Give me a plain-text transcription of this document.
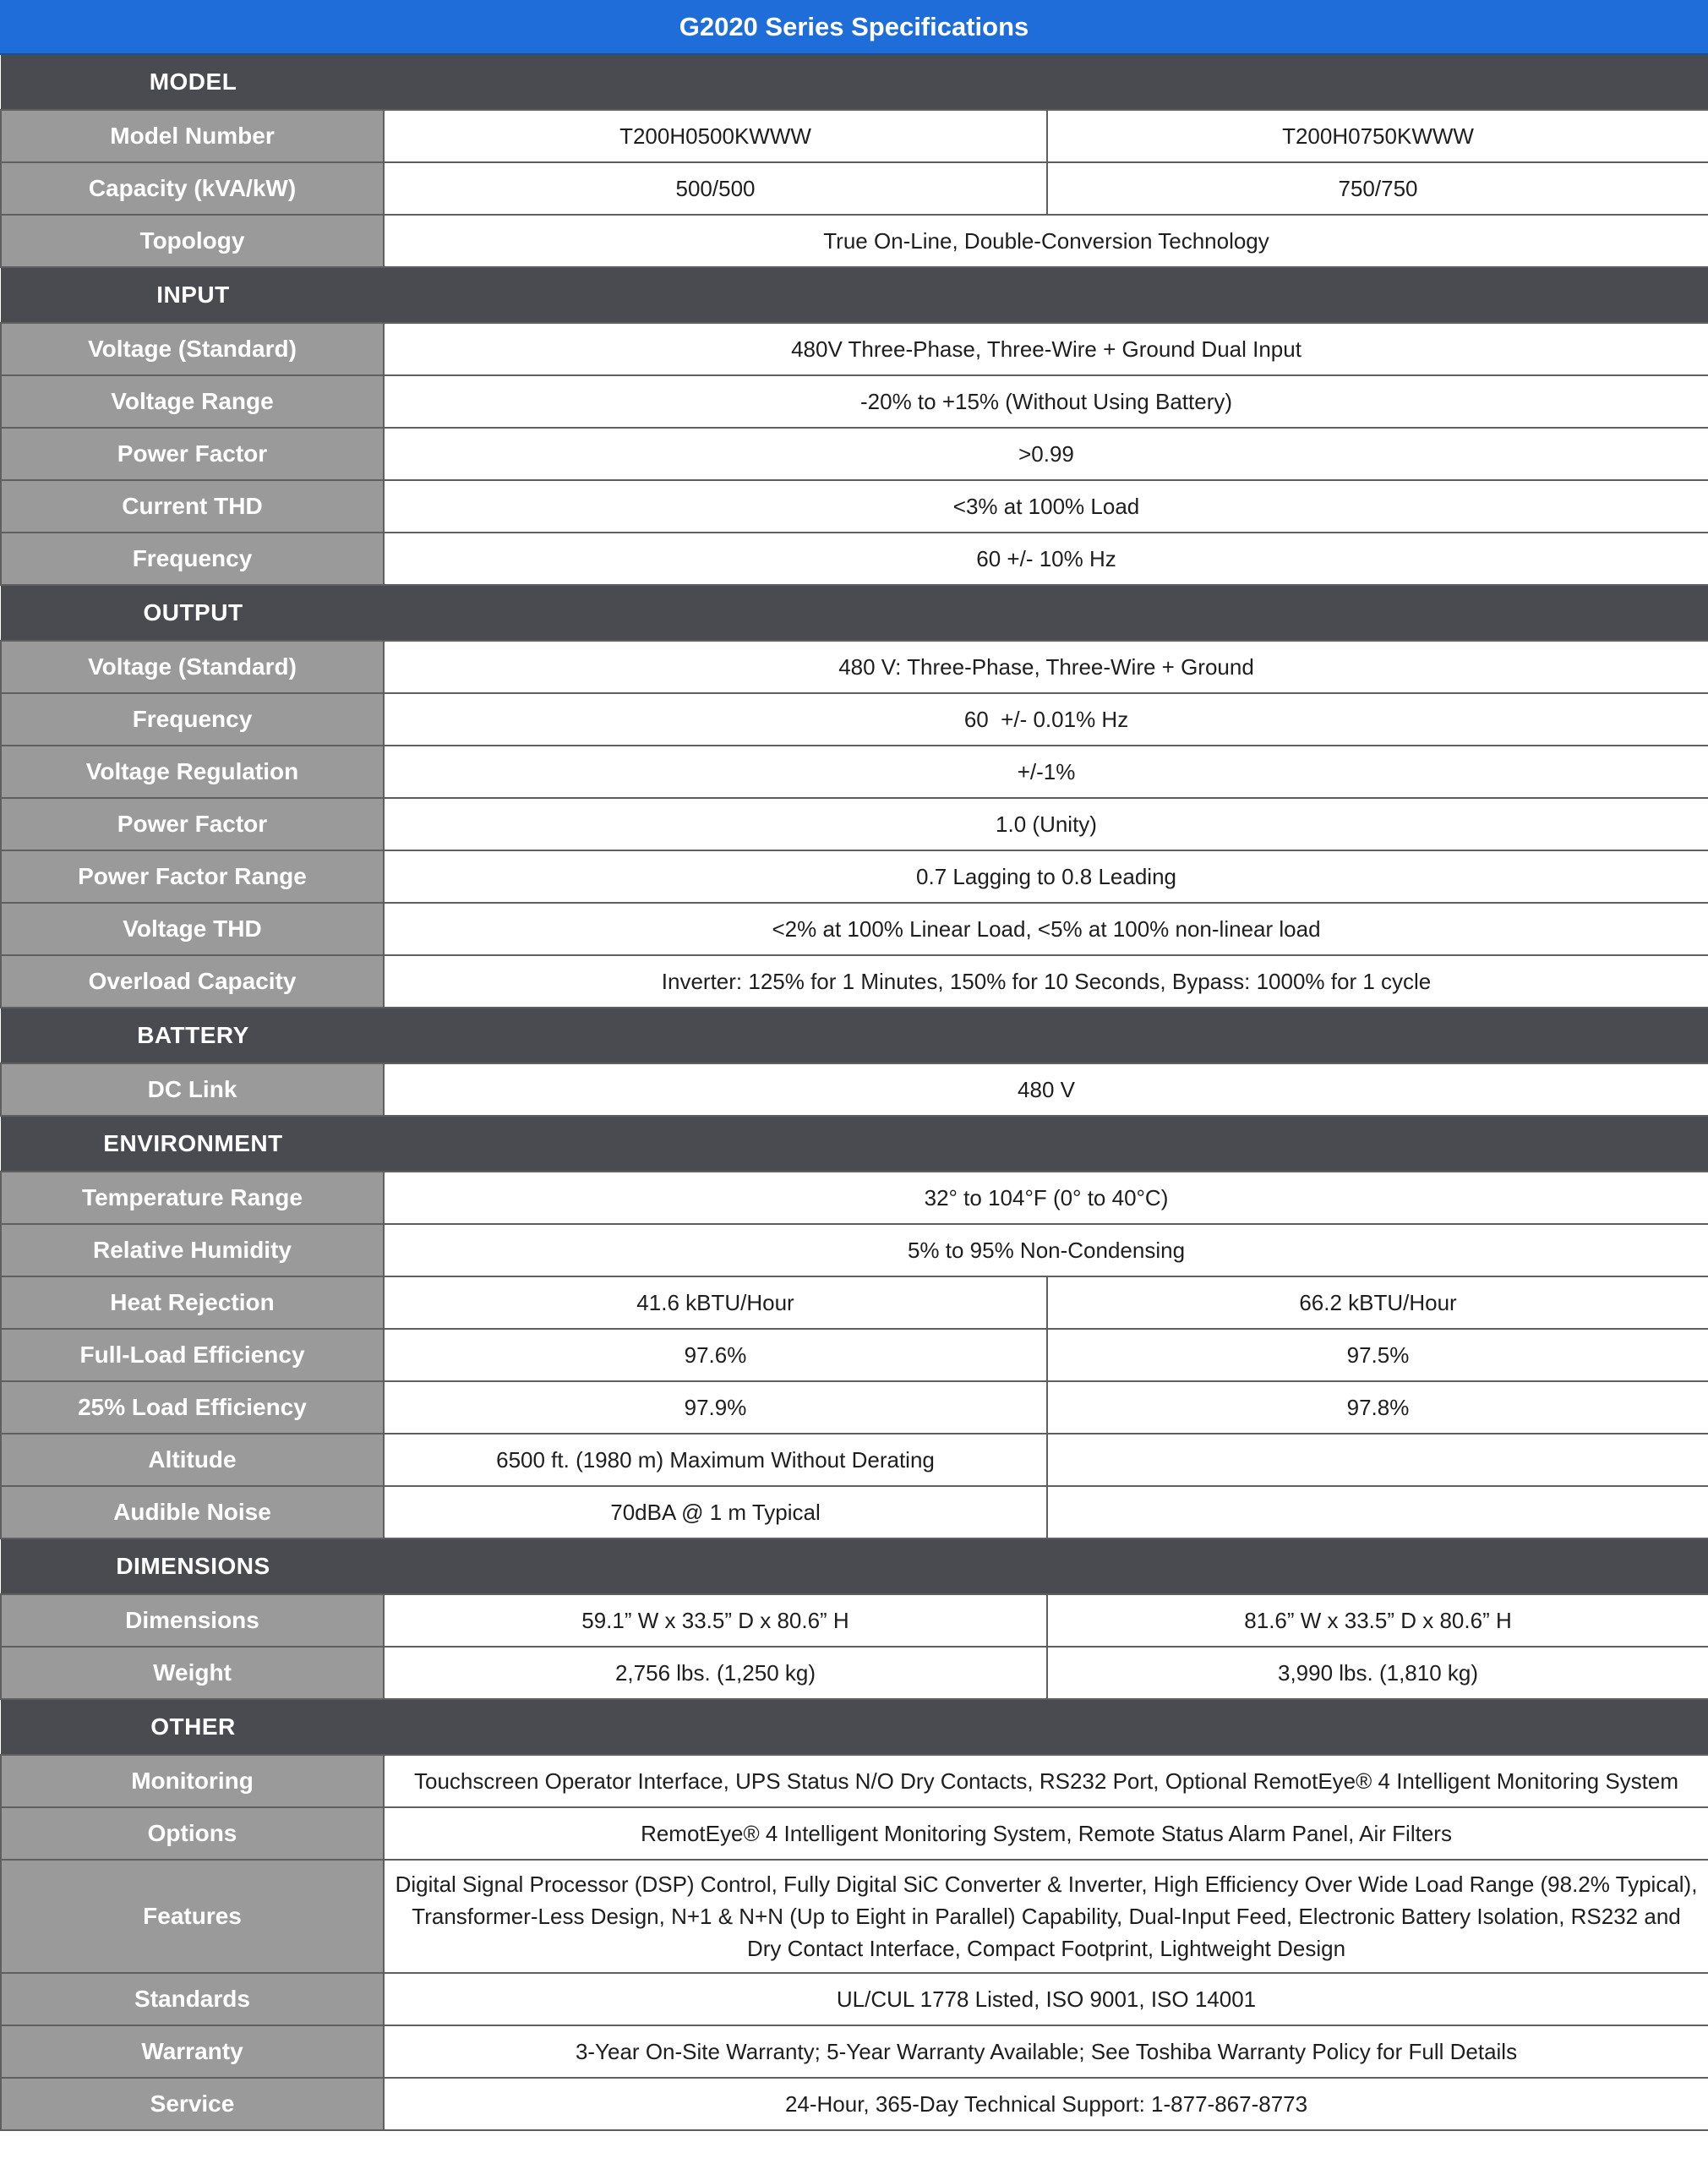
G2020 Series Specifications
MODEL		

Model Number	T200H0500KWWW	T200H0750KWWW
Capacity (kVA/kW)	500/500	750/750
Topology	True On-Line, Double-Conversion Technology	

INPUT		

Voltage (Standard)	480V Three-Phase, Three-Wire + Ground Dual Input	
Voltage Range	-20% to +15% (Without Using Battery)	
Power Factor	>0.99	
Current THD	<3% at 100% Load	
Frequency	60 +/- 10% Hz	

OUTPUT		

Voltage (Standard)	480 V: Three-Phase, Three-Wire + Ground	
Frequency	60  +/- 0.01% Hz	
Voltage Regulation	+/-1%	
Power Factor	1.0 (Unity)	
Power Factor Range	0.7 Lagging to 0.8 Leading	
Voltage THD	<2% at 100% Linear Load, <5% at 100% non-linear load	
Overload Capacity	Inverter: 125% for 1 Minutes, 150% for 10 Seconds, Bypass: 1000% for 1 cycle	

BATTERY		

DC Link	480 V	

ENVIRONMENT		

Temperature Range	32° to 104°F (0° to 40°C)	
Relative Humidity	5% to 95% Non-Condensing	
Heat Rejection	41.6 kBTU/Hour	66.2 kBTU/Hour
Full-Load Efficiency	97.6%	97.5%
25% Load Efficiency	97.9%	97.8%
Altitude	6500 ft. (1980 m) Maximum Without Derating	
Audible Noise	70dBA @ 1 m Typical	

DIMENSIONS		

Dimensions	59.1” W x 33.5” D x 80.6” H	81.6” W x 33.5” D x 80.6” H
Weight	2,756 lbs. (1,250 kg)	3,990 lbs. (1,810 kg)

OTHER		

Monitoring	Touchscreen Operator Interface, UPS Status N/O Dry Contacts, RS232 Port, Optional RemotEye® 4 Intelligent Monitoring System	
Options	RemotEye® 4 Intelligent Monitoring System, Remote Status Alarm Panel, Air Filters	
Features	Digital Signal Processor (DSP) Control, Fully Digital SiC Converter & Inverter, High Efficiency Over Wide Load Range (98.2% Typical), Transformer-Less Design, N+1 & N+N (Up to Eight in Parallel) Capability, Dual-Input Feed, Electronic Battery Isolation, RS232 and Dry Contact Interface, Compact Footprint, Lightweight Design	
Standards	UL/CUL 1778 Listed, ISO 9001, ISO 14001	
Warranty	3-Year On-Site Warranty; 5-Year Warranty Available; See Toshiba Warranty Policy for Full Details	
Service	24-Hour, 365-Day Technical Support: 1-877-867-8773	
